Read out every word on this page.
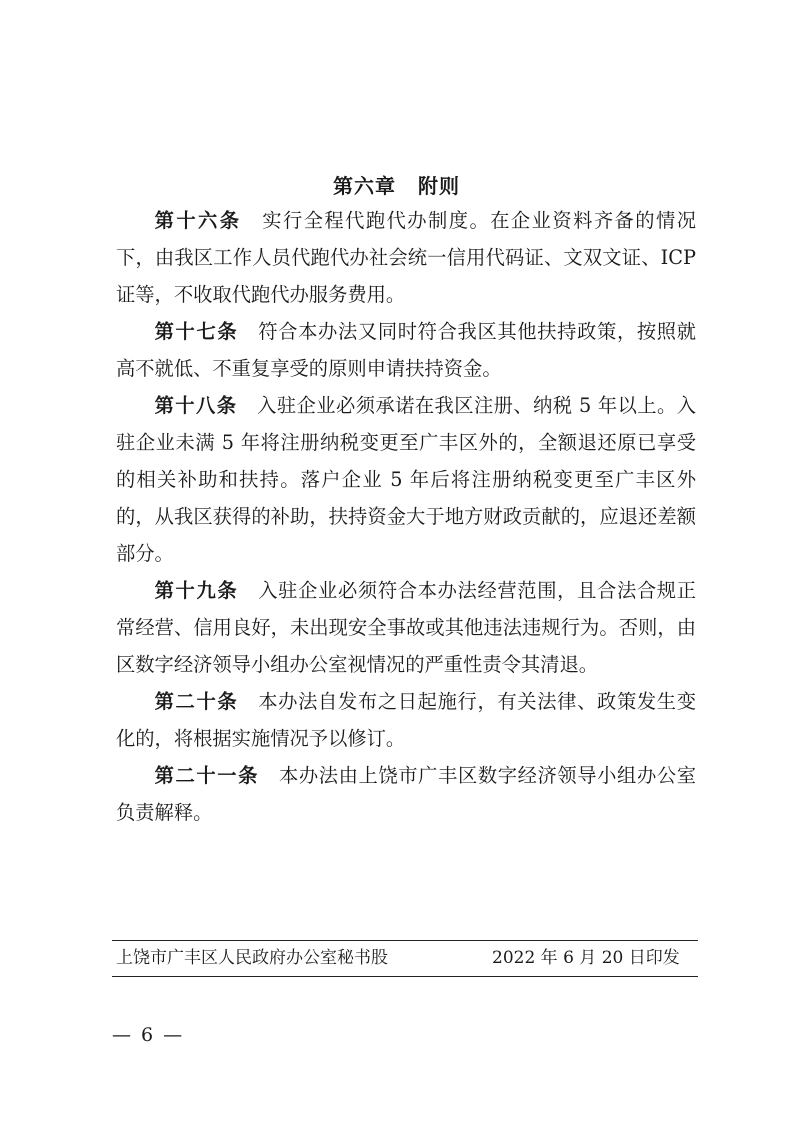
第六章 附则

第十六条 实行全程代跑代办制度。在企业资料齐备的情况下，由我区工作人员代跑代办社会统一信用代码证、文双文证、ICP 证等，不收取代跑代办服务费用。

第十七条 符合本办法又同时符合我区其他扶持政策，按照就高不就低、不重复享受的原则申请扶持资金。

第十八条 入驻企业必须承诺在我区注册、纳税 5 年以上。入驻企业未满 5 年将注册纳税变更至广丰区外的，全额退还原已享受的相关补助和扶持。落户企业 5 年后将注册纳税变更至广丰区外的，从我区获得的补助，扶持资金大于地方财政贡献的，应退还差额部分。

第十九条 入驻企业必须符合本办法经营范围，且合法合规正常经营、信用良好，未出现安全事故或其他违法违规行为。否则，由区数字经济领导小组办公室视情况的严重性责令其清退。

第二十条 本办法自发布之日起施行，有关法律、政策发生变化的，将根据实施情况予以修订。

第二十一条 本办法由上饶市广丰区数字经济领导小组办公室负责解释。

上饶市广丰区人民政府办公室秘书股	2022 年 6 月 20 日印发
— 6 —
